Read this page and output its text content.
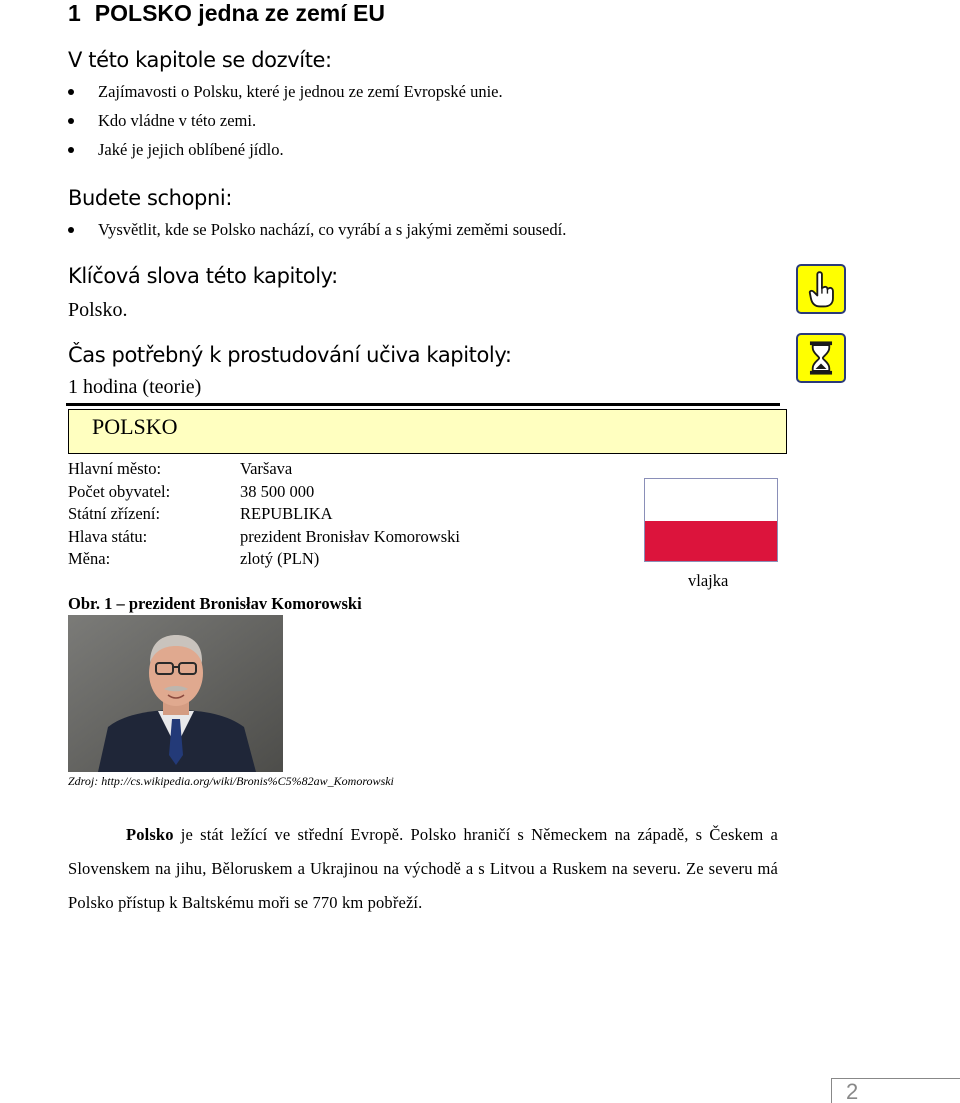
1 POLSKO jedna ze zemí EU
V této kapitole se dozvíte:
Zajímavosti o Polsku, které je jednou ze zemí Evropské unie.
Kdo vládne v této zemi.
Jaké je jejich oblíbené jídlo.
Budete schopni:
Vysvětlit, kde se Polsko nachází, co vyrábí a s jakými zeměmi sousedí.
Klíčová slova této kapitoly:
Polsko.
Čas potřebný k prostudování učiva kapitoly:
1 hodina (teorie)
POLSKO
Hlavní město:	Varšava
Počet obyvatel:	38 500 000
Státní zřízení:	REPUBLIKA
Hlava státu:	prezident Bronisłav Komorowski
Měna:	zlotý (PLN)
vlajka
Obr. 1 – prezident Bronisłav Komorowski
Zdroj: http://cs.wikipedia.org/wiki/Bronis%C5%82aw_Komorowski

Polsko je stát ležící ve střední Evropě. Polsko hraničí s Německem na západě, s Českem a Slovenskem na jihu, Běloruskem a Ukrajinou na východě a s Litvou a Ruskem na severu. Ze severu má Polsko přístup k Baltskému moři se 770 km pobřeží.

2
